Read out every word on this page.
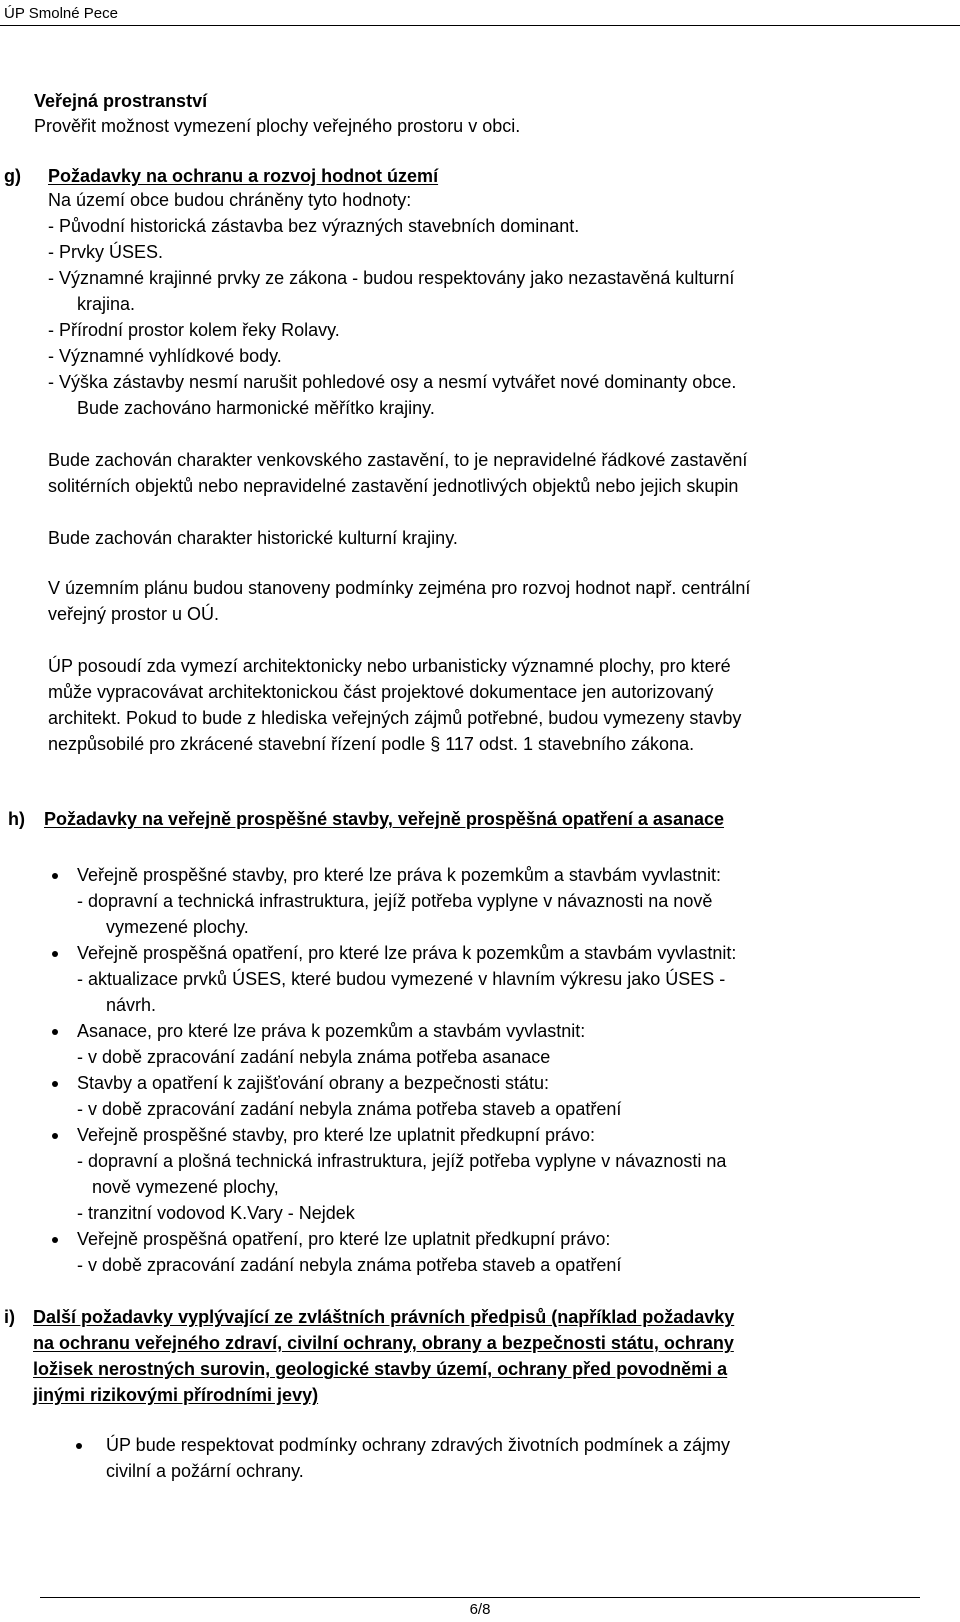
ÚP Smolné Pece
Veřejná prostranství
Prověřit možnost vymezení plochy veřejného prostoru v obci.
g) Požadavky na ochranu a rozvoj hodnot území
Na území obce budou chráněny tyto hodnoty:
- Původní historická zástavba bez výrazných stavebních dominant.
- Prvky ÚSES.
- Významné krajinné prvky ze zákona - budou respektovány jako nezastavěná kulturní
krajina.
- Přírodní prostor kolem řeky Rolavy.
- Významné vyhlídkové body.
- Výška zástavby nesmí narušit pohledové osy a nesmí vytvářet nové dominanty obce.
Bude zachováno harmonické měřítko krajiny.
Bude zachován charakter venkovského zastavění, to je nepravidelné řádkové zastavění
solitérních objektů nebo nepravidelné zastavění jednotlivých objektů nebo jejich skupin
Bude zachován charakter historické kulturní krajiny.
V územním plánu budou stanoveny podmínky zejména pro rozvoj hodnot např. centrální
veřejný prostor u OÚ.
ÚP posoudí zda vymezí architektonicky nebo urbanisticky významné plochy, pro které
může vypracovávat architektonickou část projektové dokumentace jen autorizovaný
architekt. Pokud to bude z hlediska veřejných zájmů potřebné, budou vymezeny stavby
nezpůsobilé pro zkrácené stavební řízení podle § 117 odst. 1 stavebního zákona.
h) Požadavky na veřejně prospěšné stavby, veřejně prospěšná opatření a asanace
Veřejně prospěšné stavby, pro které lze práva k pozemkům a stavbám vyvlastnit:
- dopravní a technická infrastruktura, jejíž potřeba vyplyne v návaznosti na nově
vymezené plochy.
Veřejně prospěšná opatření, pro které lze práva k pozemkům a stavbám vyvlastnit:
- aktualizace prvků ÚSES, které budou vymezené v hlavním výkresu jako ÚSES -
návrh.
Asanace, pro které lze práva k pozemkům a stavbám vyvlastnit:
- v době zpracování zadání nebyla známa potřeba asanace
Stavby a opatření k zajišťování obrany a bezpečnosti státu:
- v době zpracování zadání nebyla známa potřeba staveb a opatření
Veřejně prospěšné stavby, pro které lze uplatnit předkupní právo:
- dopravní a plošná technická infrastruktura, jejíž potřeba vyplyne v návaznosti na
nově vymezené plochy,
- tranzitní vodovod K.Vary - Nejdek
Veřejně prospěšná opatření, pro které lze uplatnit předkupní právo:
- v době zpracování zadání nebyla známa potřeba staveb a opatření
i) Další požadavky vyplývající ze zvláštních právních předpisů (například požadavky
na ochranu veřejného zdraví, civilní ochrany, obrany a bezpečnosti státu, ochrany
ložisek nerostných surovin, geologické stavby území, ochrany před povodněmi a
jinými rizikovými přírodními jevy)
ÚP bude respektovat podmínky ochrany zdravých životních podmínek a zájmy
civilní a požární ochrany.
6/8
